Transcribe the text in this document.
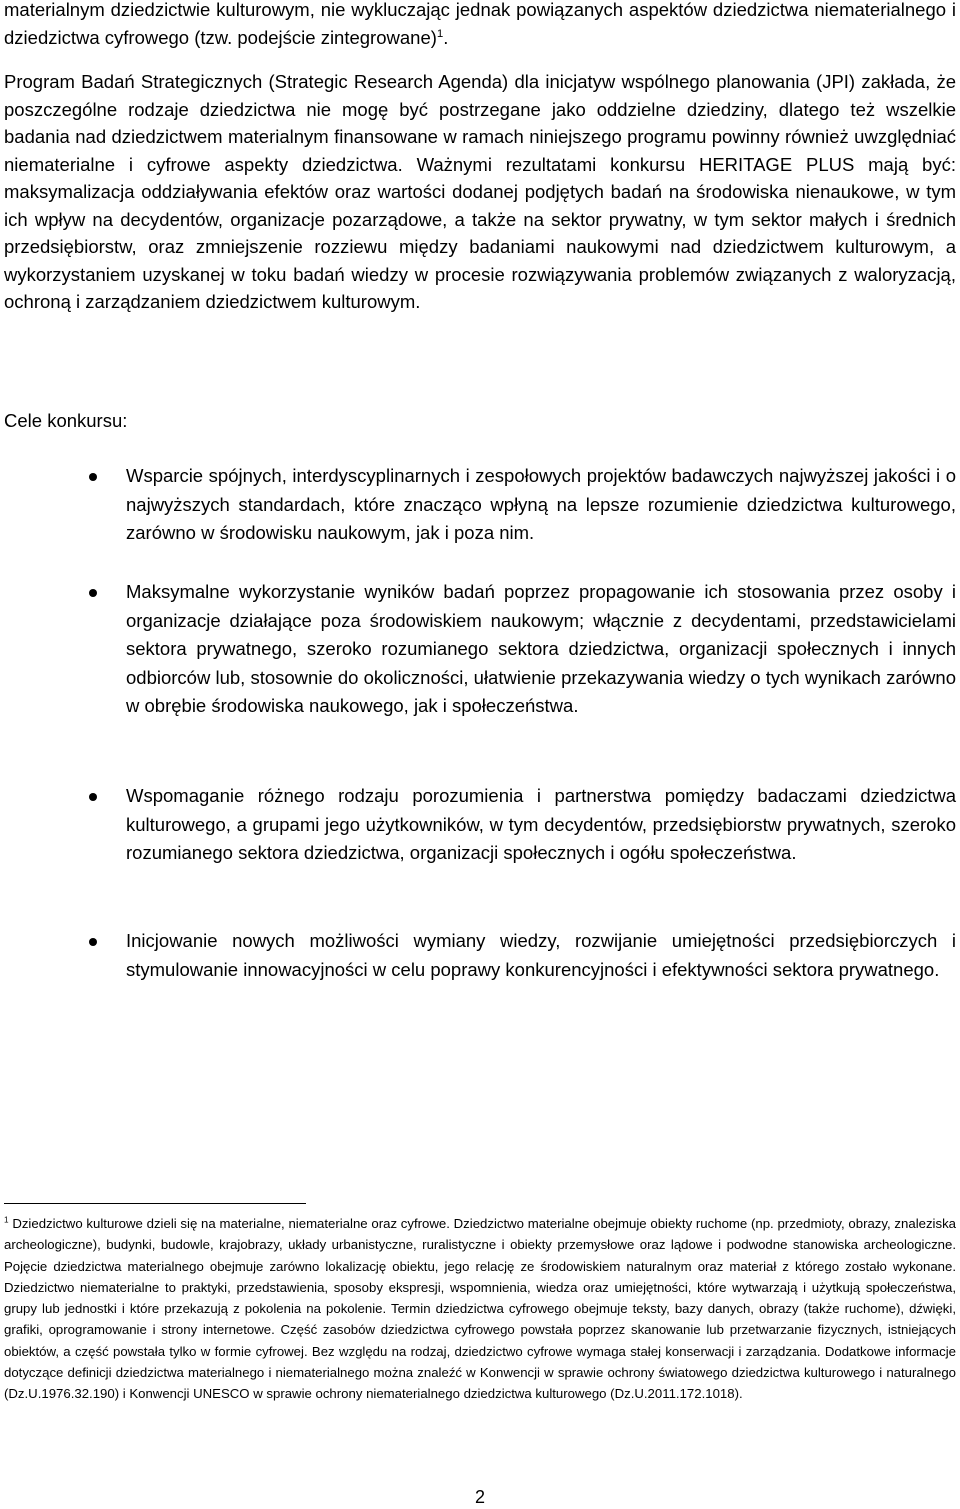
materialnym dziedzictwie kulturowym, nie wykluczając jednak powiązanych aspektów dziedzictwa niematerialnego i dziedzictwa cyfrowego (tzw. podejście zintegrowane)$^1$.

Program Badań Strategicznych (Strategic Research Agenda) dla inicjatyw wspólnego planowania (JPI) zakłada, że poszczególne rodzaje dziedzictwa nie mogę być postrzegane jako oddzielne dziedziny, dlatego też wszelkie badania nad dziedzictwem materialnym finansowane w ramach niniejszego programu powinny również uwzględniać niematerialne i cyfrowe aspekty dziedzictwa. Ważnymi rezultatami konkursu HERITAGE PLUS mają być: maksymalizacja oddziaływania efektów oraz wartości dodanej podjętych badań na środowiska nienaukowe, w tym ich wpływ na decydentów, organizacje pozarządowe, a także na sektor prywatny, w tym sektor małych i średnich przedsiębiorstw, oraz zmniejszenie rozziewu między badaniami naukowymi nad dziedzictwem kulturowym, a wykorzystaniem uzyskanej w toku badań wiedzy w procesie rozwiązywania problemów związanych z waloryzacją, ochroną i zarządzaniem dziedzictwem kulturowym.

Cele konkursu:

Wsparcie spójnych, interdyscyplinarnych i zespołowych projektów badawczych najwyższej jakości i o najwyższych standardach, które znacząco wpłyną na lepsze rozumienie dziedzictwa kulturowego, zarówno w środowisku naukowym, jak i poza nim.

Maksymalne wykorzystanie wyników badań poprzez propagowanie ich stosowania przez osoby i organizacje działające poza środowiskiem naukowym; włącznie z decydentami, przedstawicielami sektora prywatnego, szeroko rozumianego sektora dziedzictwa, organizacji społecznych i innych odbiorców lub, stosownie do okoliczności, ułatwienie przekazywania wiedzy o tych wynikach zarówno w obrębie środowiska naukowego, jak i społeczeństwa.

Wspomaganie różnego rodzaju porozumienia i partnerstwa pomiędzy badaczami dziedzictwa kulturowego, a grupami jego użytkowników, w tym decydentów, przedsiębiorstw prywatnych, szeroko rozumianego sektora dziedzictwa, organizacji społecznych i ogółu społeczeństwa.

Inicjowanie nowych możliwości wymiany wiedzy, rozwijanie umiejętności przedsiębiorczych i stymulowanie innowacyjności w celu poprawy konkurencyjności i efektywności sektora prywatnego.

$^1$ Dziedzictwo kulturowe dzieli się na materialne, niematerialne oraz cyfrowe. Dziedzictwo materialne obejmuje obiekty ruchome (np. przedmioty, obrazy, znaleziska archeologiczne), budynki, budowle, krajobrazy, układy urbanistyczne, ruralistyczne i obiekty przemysłowe oraz lądowe i podwodne stanowiska archeologiczne. Pojęcie dziedzictwa materialnego obejmuje zarówno lokalizację obiektu, jego relację ze środowiskiem naturalnym oraz materiał z którego zostało wykonane. Dziedzictwo niematerialne to praktyki, przedstawienia, sposoby ekspresji, wspomnienia, wiedza oraz umiejętności, które wytwarzają i użytkują społeczeństwa, grupy lub jednostki i które przekazują z pokolenia na pokolenie. Termin dziedzictwa cyfrowego obejmuje teksty, bazy danych, obrazy (także ruchome), dźwięki, grafiki, oprogramowanie i strony internetowe. Część zasobów dziedzictwa cyfrowego powstała poprzez skanowanie lub przetwarzanie fizycznych, istniejących obiektów, a część powstała tylko w formie cyfrowej. Bez względu na rodzaj, dziedzictwo cyfrowe wymaga stałej konserwacji i zarządzania. Dodatkowe informacje dotyczące definicji dziedzictwa materialnego i niematerialnego można znaleźć w Konwencji w sprawie ochrony światowego dziedzictwa kulturowego i naturalnego (Dz.U.1976.32.190) i Konwencji UNESCO w sprawie ochrony niematerialnego dziedzictwa kulturowego (Dz.U.2011.172.1018).

2
